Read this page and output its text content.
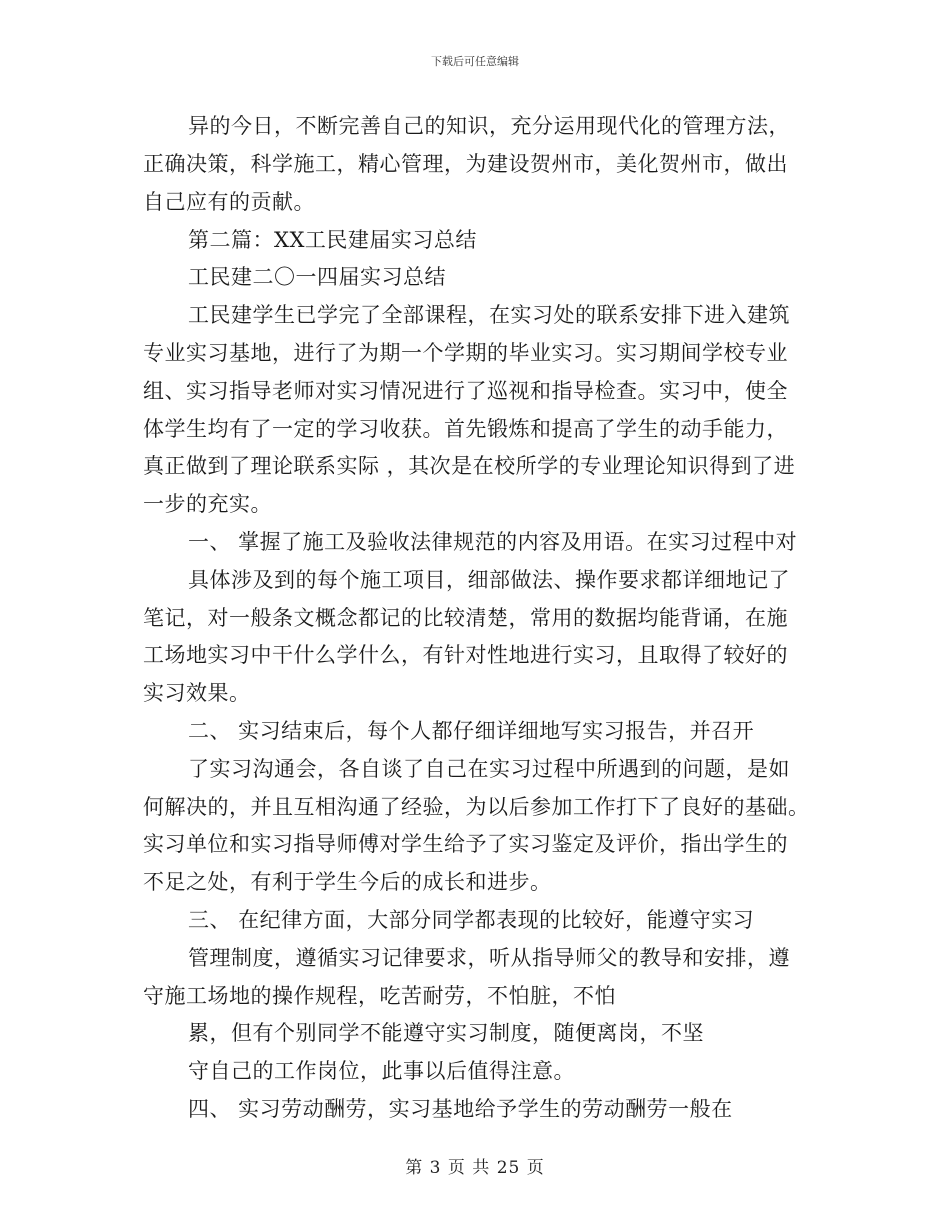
下载后可任意编辑
异的今日，不断完善自己的知识，充分运用现代化的管理方法，
正确决策，科学施工，精心管理，为建设贺州市，美化贺州市，做出
自己应有的贡献。
第二篇：XX工民建届实习总结
工民建二〇一四届实习总结
工民建学生已学完了全部课程，在实习处的联系安排下进入建筑
专业实习基地，进行了为期一个学期的毕业实习。实习期间学校专业
组、实习指导老师对实习情况进行了巡视和指导检查。实习中，使全
体学生均有了一定的学习收获。首先锻炼和提高了学生的动手能力，
真正做到了理论联系实际 ，其次是在校所学的专业理论知识得到了进
一步的充实。
一、 掌握了施工及验收法律规范的内容及用语。在实习过程中对
具体涉及到的每个施工项目，细部做法、操作要求都详细地记了
笔记，对一般条文概念都记的比较清楚，常用的数据均能背诵，在施
工场地实习中干什么学什么，有针对性地进行实习，且取得了较好的
实习效果。
二、 实习结束后，每个人都仔细详细地写实习报告，并召开
了实习沟通会，各自谈了自己在实习过程中所遇到的问题，是如
何解决的，并且互相沟通了经验，为以后参加工作打下了良好的基础。
实习单位和实习指导师傅对学生给予了实习鉴定及评价，指出学生的
不足之处，有利于学生今后的成长和进步。
三、 在纪律方面，大部分同学都表现的比较好，能遵守实习
管理制度，遵循实习记律要求，听从指导师父的教导和安排，遵
守施工场地的操作规程，吃苦耐劳，不怕脏，不怕
累，但有个别同学不能遵守实习制度，随便离岗，不坚
守自己的工作岗位，此事以后值得注意。
四、 实习劳动酬劳，实习基地给予学生的劳动酬劳一般在
第 3 页 共 25 页
